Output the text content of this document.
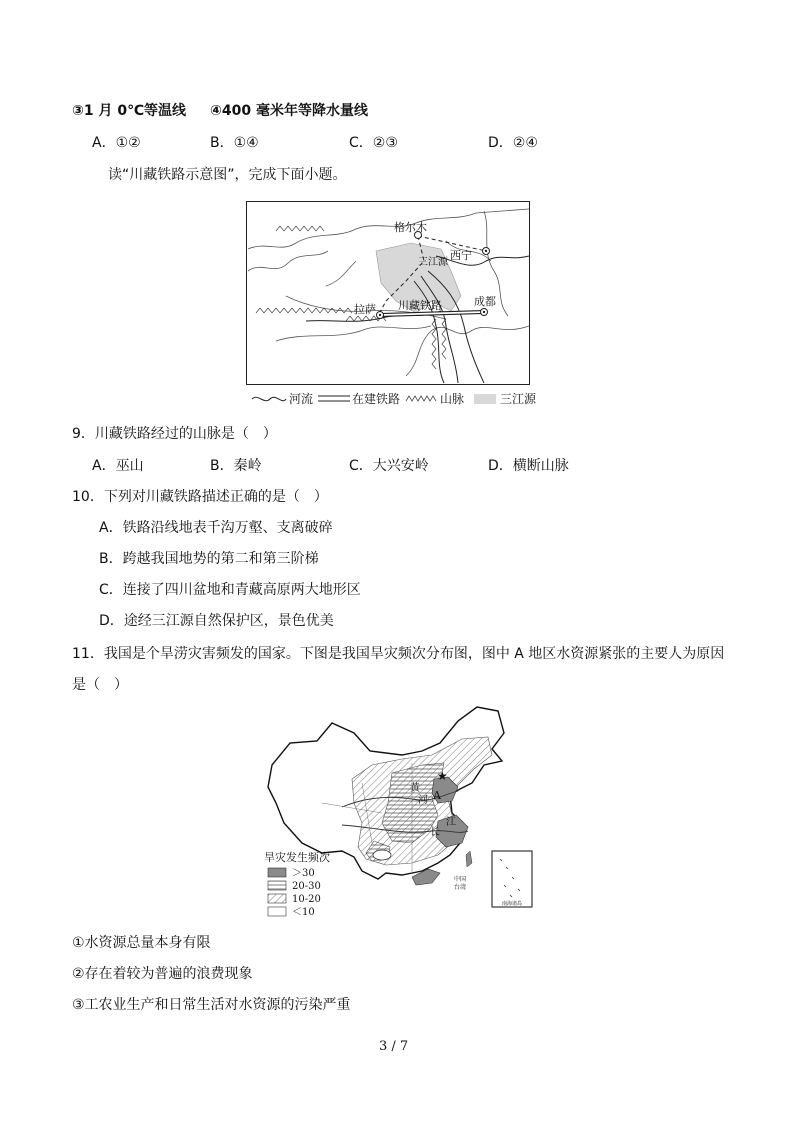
③1 月 0℃等温线 ④400 毫米年等降水量线
A．①②	B．①④	C．②③	D．②④
读“川藏铁路示意图”，完成下面小题。
格尔木
西宁
三江源
拉萨 川藏铁路	成都
河流	在建铁路	山脉	三江源
9．川藏铁路经过的山脉是（　）
A．巫山	B．秦岭	C．大兴安岭	D．横断山脉
10．下列对川藏铁路描述正确的是（　）
A．铁路沿线地表千沟万壑、支离破碎
B．跨越我国地势的第二和第三阶梯
C．连接了四川盆地和青藏高原两大地形区
D．途经三江源自然保护区，景色优美
11．我国是个旱涝灾害频发的国家。下图是我国旱灾频次分布图，图中 A 地区水资源紧张的主要人为原因
是（　）
★
A
黄
河
长
江
中国
台湾
南海诸岛
旱灾发生频次
＞30
20-30
10-20
＜10
①水资源总量本身有限
②存在着较为普遍的浪费现象
③工农业生产和日常生活对水资源的污染严重
3 / 7
